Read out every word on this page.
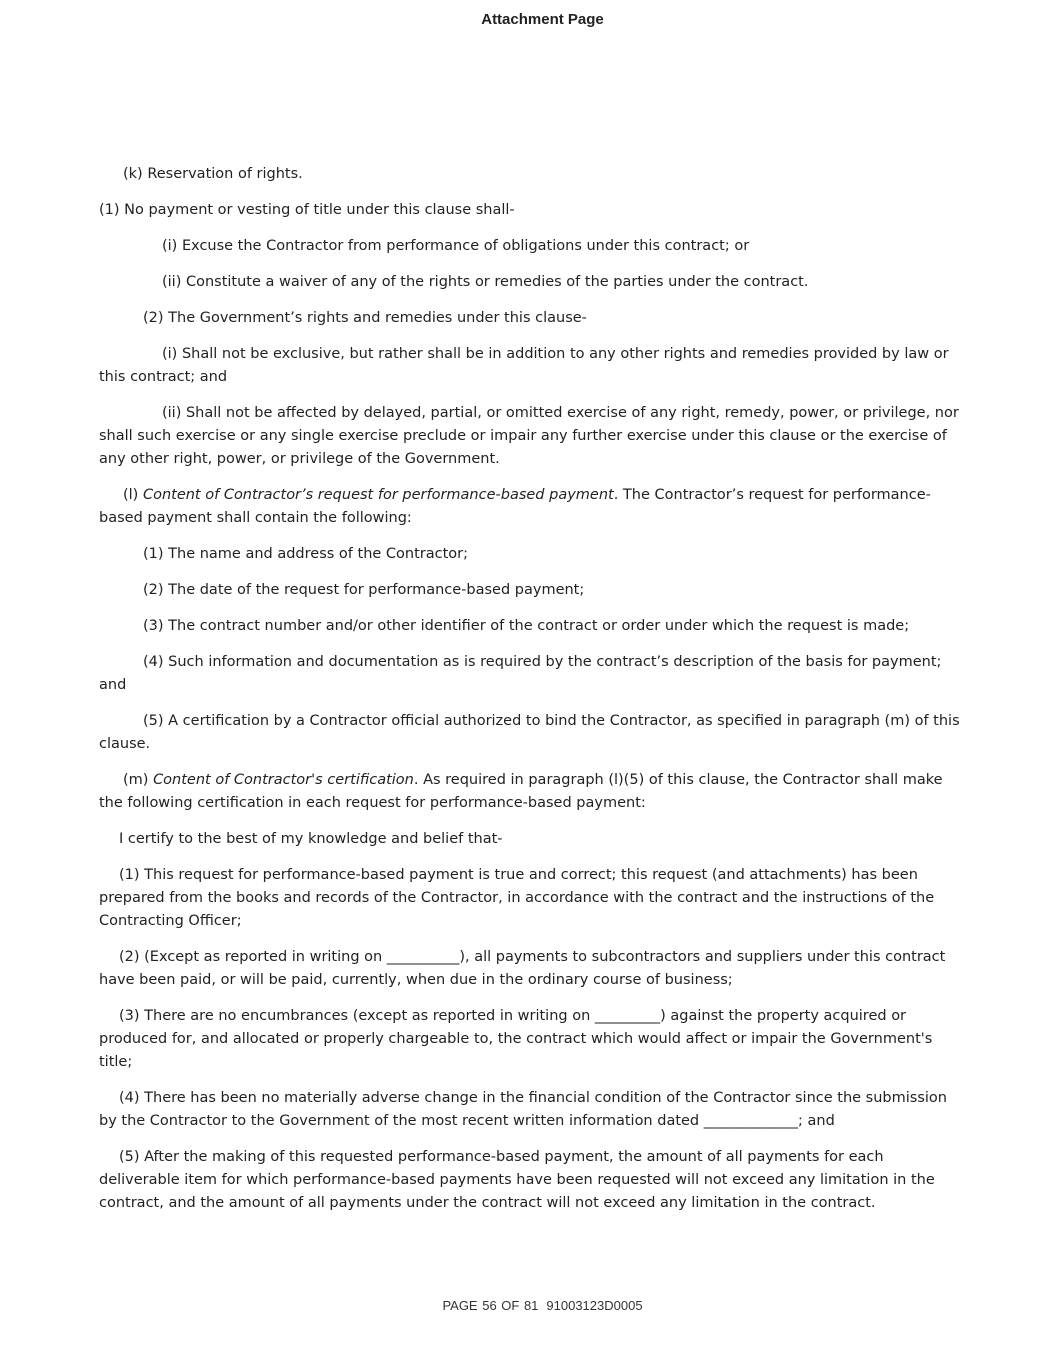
Attachment Page

(k) Reservation of rights.

(1) No payment or vesting of title under this clause shall-

(i) Excuse the Contractor from performance of obligations under this contract; or

(ii) Constitute a waiver of any of the rights or remedies of the parties under the contract.

(2) The Government’s rights and remedies under this clause-

(i) Shall not be exclusive, but rather shall be in addition to any other rights and remedies provided by law or this contract; and

(ii) Shall not be affected by delayed, partial, or omitted exercise of any right, remedy, power, or privilege, nor shall such exercise or any single exercise preclude or impair any further exercise under this clause or the exercise of any other right, power, or privilege of the Government.

(l) Content of Contractor’s request for performance-based payment. The Contractor’s request for performance-based payment shall contain the following:

(1) The name and address of the Contractor;

(2) The date of the request for performance-based payment;

(3) The contract number and/or other identifier of the contract or order under which the request is made;

(4) Such information and documentation as is required by the contract’s description of the basis for payment; and

(5) A certification by a Contractor official authorized to bind the Contractor, as specified in paragraph (m) of this clause.

(m) Content of Contractor's certification. As required in paragraph (l)(5) of this clause, the Contractor shall make the following certification in each request for performance-based payment:

I certify to the best of my knowledge and belief that-

(1) This request for performance-based payment is true and correct; this request (and attachments) has been prepared from the books and records of the Contractor, in accordance with the contract and the instructions of the Contracting Officer;

(2) (Except as reported in writing on __________), all payments to subcontractors and suppliers under this contract have been paid, or will be paid, currently, when due in the ordinary course of business;

(3) There are no encumbrances (except as reported in writing on _________) against the property acquired or produced for, and allocated or properly chargeable to, the contract which would affect or impair the Government's title;

(4) There has been no materially adverse change in the financial condition of the Contractor since the submission by the Contractor to the Government of the most recent written information dated _____________; and

(5) After the making of this requested performance-based payment, the amount of all payments for each deliverable item for which performance-based payments have been requested will not exceed any limitation in the contract, and the amount of all payments under the contract will not exceed any limitation in the contract.

PAGE 56 OF 81 91003123D0005
